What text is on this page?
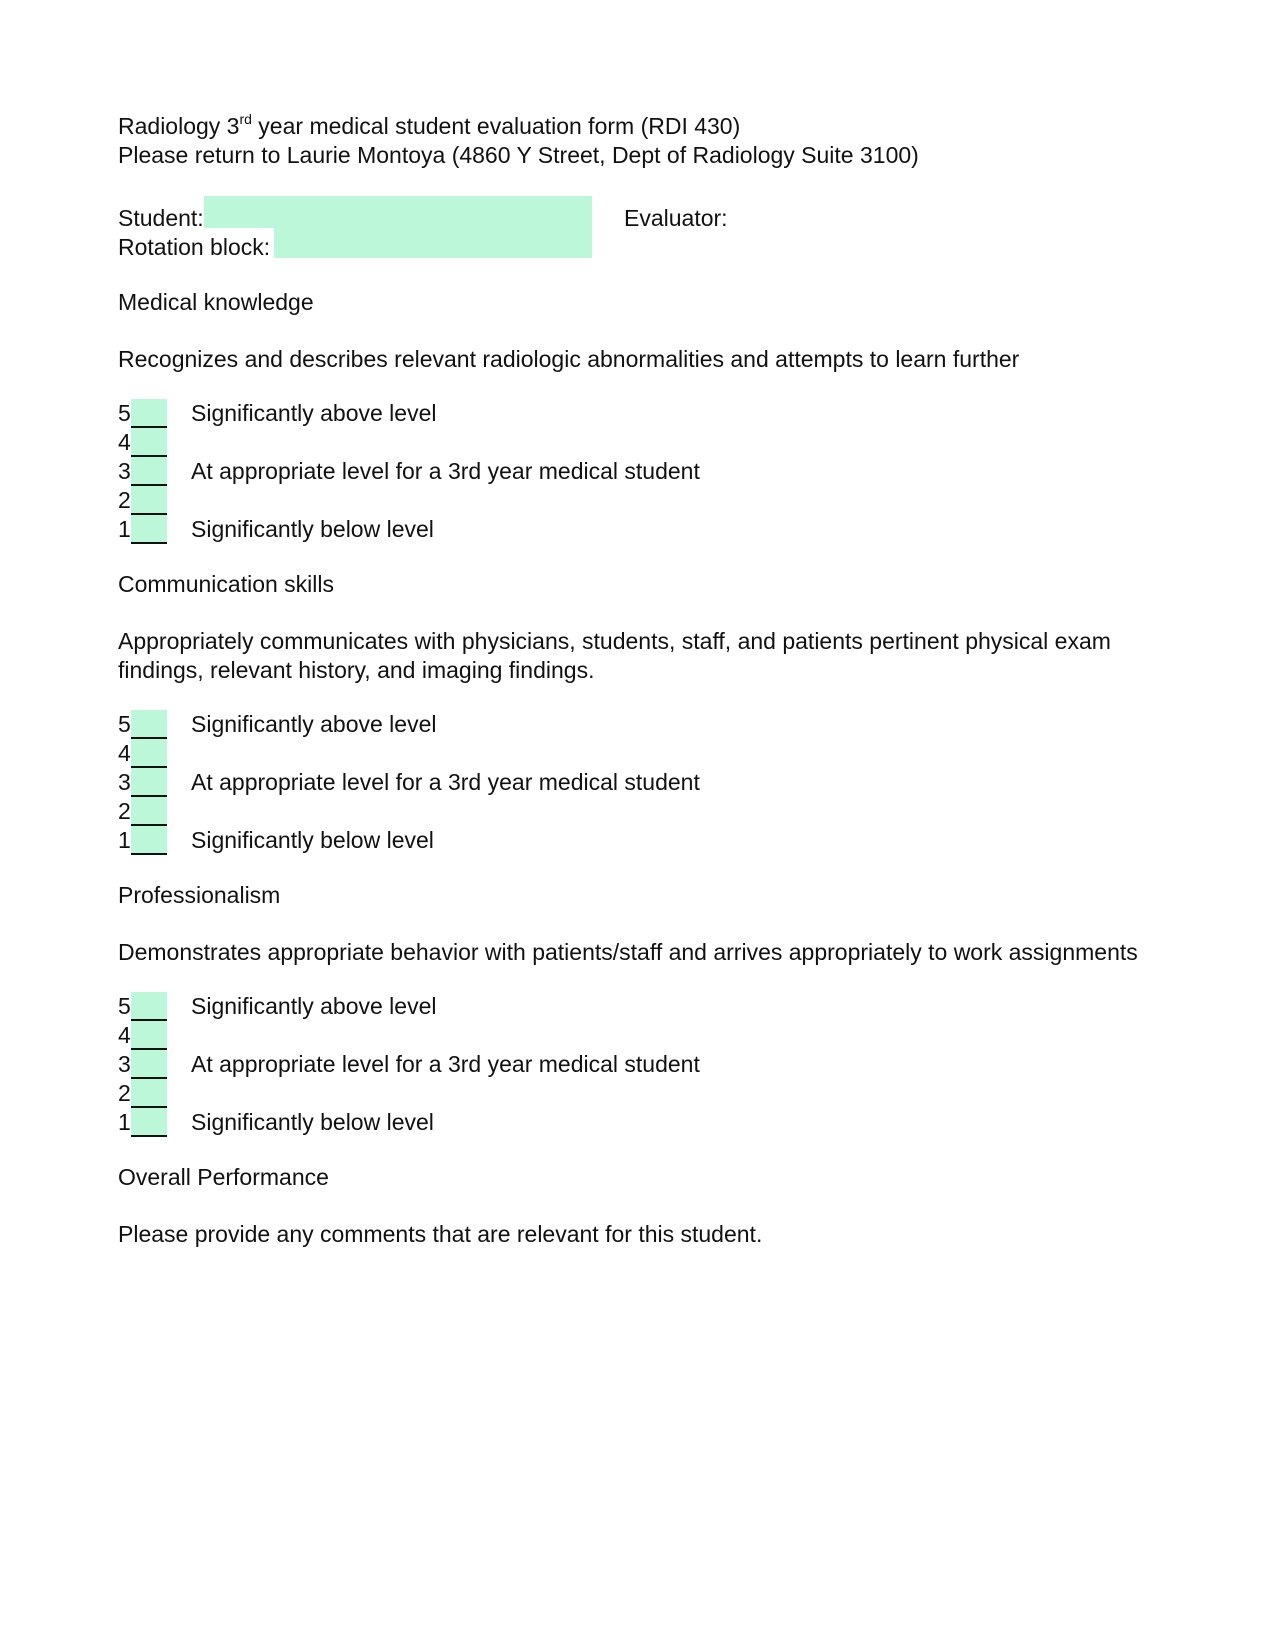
Radiology 3rd year medical student evaluation form (RDI 430)
Please return to Laurie Montoya (4860 Y Street, Dept of Radiology Suite 3100)
Student:	Evaluator:
Rotation block:
Medical knowledge
Recognizes and describes relevant radiologic abnormalities and attempts to learn further
5	Significantly above level
4
3	At appropriate level for a 3rd year medical student
2
1	Significantly below level
Communication skills
Appropriately communicates with physicians, students, staff, and patients pertinent physical exam findings, relevant history, and imaging findings.
5	Significantly above level
4
3	At appropriate level for a 3rd year medical student
2
1	Significantly below level
Professionalism
Demonstrates appropriate behavior with patients/staff and arrives appropriately to work assignments
5	Significantly above level
4
3	At appropriate level for a 3rd year medical student
2
1	Significantly below level
Overall Performance
Please provide any comments that are relevant for this student.
